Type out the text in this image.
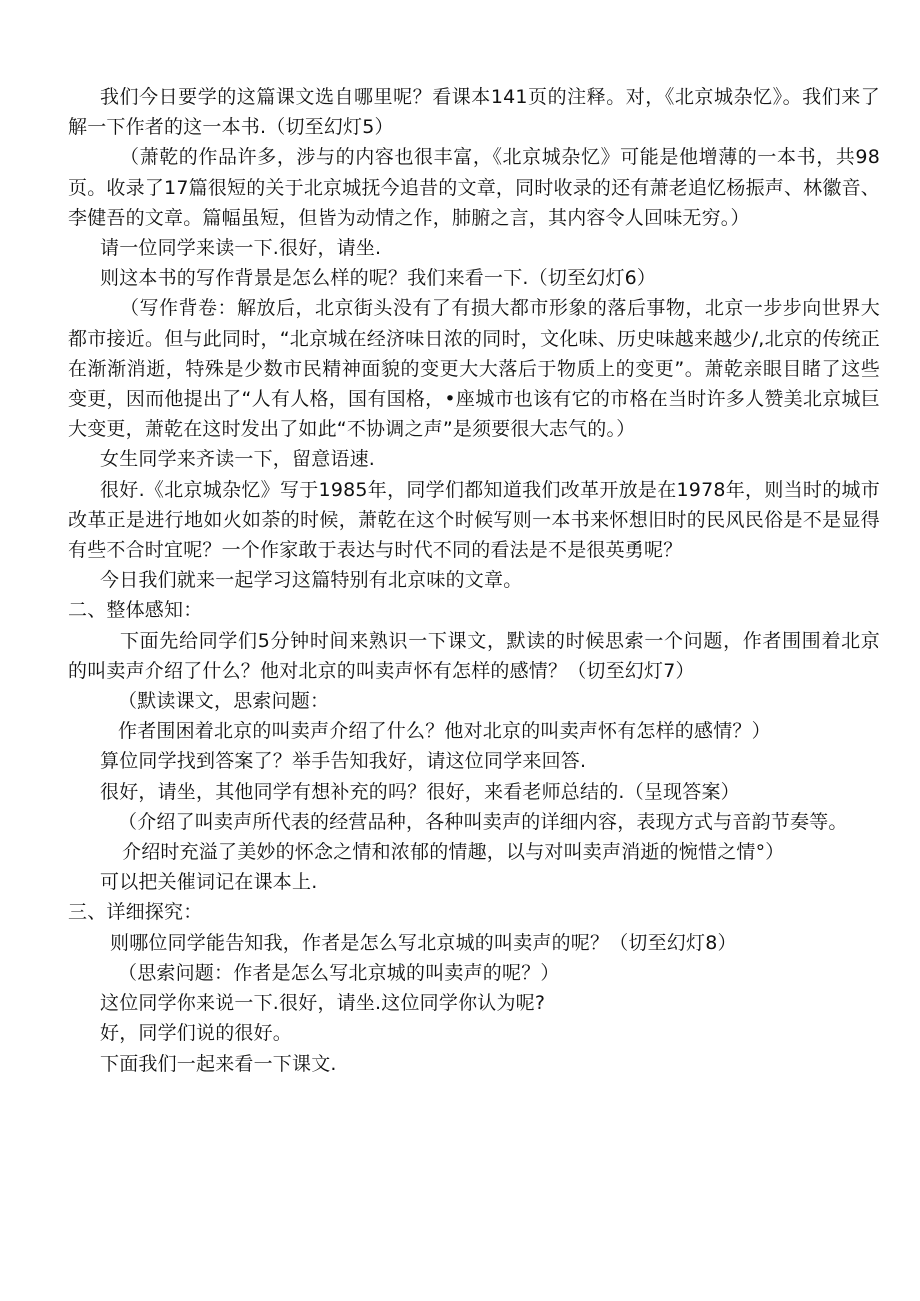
我们今日要学的这篇课文选自哪里呢？看课本141页的注释。对，《北京城杂忆》。我们来了解一下作者的这一本书.（切至幻灯5）

（萧乾的作品许多，涉与的内容也很丰富，《北京城杂忆》可能是他增薄的一本书，共98页。收录了17篇很短的关于北京城抚今追昔的文章，同时收录的还有萧老追忆杨振声、林徽音、李健吾的文章。篇幅虽短，但皆为动情之作，肺腑之言，其内容令人回味无穷。）

请一位同学来读一下.很好，请坐.

则这本书的写作背景是怎么样的呢？我们来看一下.（切至幻灯6）

（写作背卷：解放后，北京街头没有了有损大都市形象的落后事物，北京一步步向世界大都市接近。但与此同时，“北京城在经济味日浓的同时，文化味、历史味越来越少/,北京的传统正在渐渐消逝，特殊是少数市民精神面貌的变更大大落后于物质上的变更”。萧乾亲眼目睹了这些变更，因而他提出了“人有人格，国有国格，•座城市也该有它的市格在当时许多人赞美北京城巨大变更，萧乾在这时发出了如此“不协调之声”是须要很大志气的。）

女生同学来齐读一下，留意语速.

很好.《北京城杂忆》写于1985年，同学们都知道我们改革开放是在1978年，则当时的城市改革正是进行地如火如荼的时候，萧乾在这个时候写则一本书来怀想旧时的民风民俗是不是显得有些不合时宜呢？一个作家敢于表达与时代不同的看法是不是很英勇呢？

今日我们就来一起学习这篇特别有北京味的文章。

二、整体感知：

下面先给同学们5分钟时间来熟识一下课文，默读的时候思索一个问题，作者围围着北京的叫卖声介绍了什么？他对北京的叫卖声怀有怎样的感情？（切至幻灯7）

（默读课文，思索问题：

作者围困着北京的叫卖声介绍了什么？他对北京的叫卖声怀有怎样的感情？）

算位同学找到答案了？举手告知我好，请这位同学来回答.

很好，请坐，其他同学有想补充的吗？很好，来看老师总结的.（呈现答案）

（介绍了叫卖声所代表的经营品种，各种叫卖声的详细内容，表现方式与音韵节奏等。

介绍时充溢了美妙的怀念之情和浓郁的情趣，以与对叫卖声消逝的惋惜之情°）

可以把关催词记在课本上.

三、详细探究：

则哪位同学能告知我，作者是怎么写北京城的叫卖声的呢？（切至幻灯8）

（思索问题：作者是怎么写北京城的叫卖声的呢？）

这位同学你来说一下.很好，请坐.这位同学你认为呢?

好，同学们说的很好。

下面我们一起来看一下课文.
